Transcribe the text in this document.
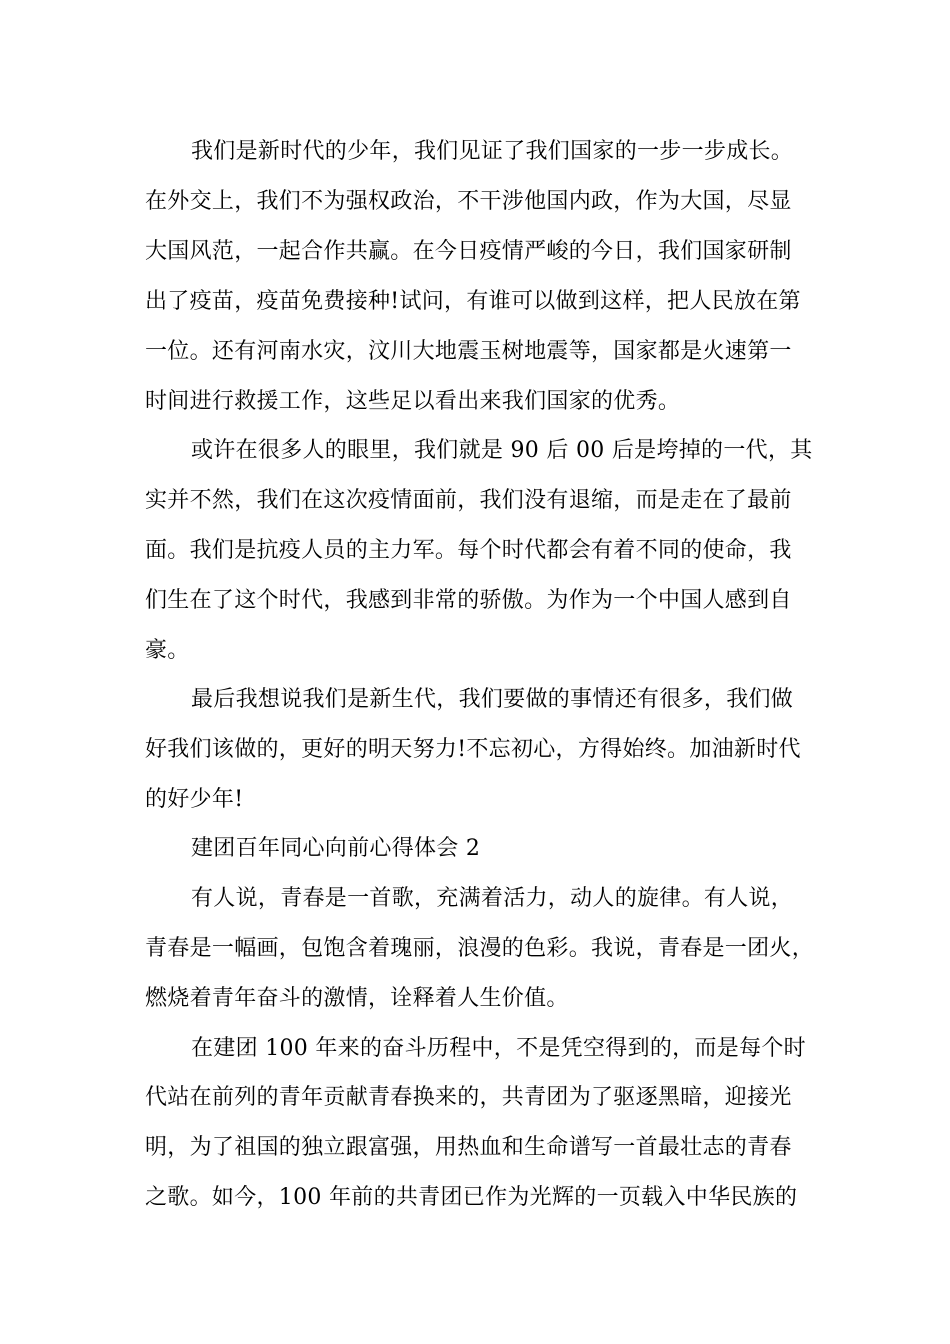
我们是新时代的少年，我们见证了我们国家的一步一步成长。
在外交上，我们不为强权政治，不干涉他国内政，作为大国，尽显
大国风范，一起合作共赢。在今日疫情严峻的今日，我们国家研制
出了疫苗，疫苗免费接种!试问，有谁可以做到这样，把人民放在第
一位。还有河南水灾，汶川大地震玉树地震等，国家都是火速第一
时间进行救援工作，这些足以看出来我们国家的优秀。
或许在很多人的眼里，我们就是 90 后 00 后是垮掉的一代，其
实并不然，我们在这次疫情面前，我们没有退缩，而是走在了最前
面。我们是抗疫人员的主力军。每个时代都会有着不同的使命，我
们生在了这个时代，我感到非常的骄傲。为作为一个中国人感到自
豪。
最后我想说我们是新生代，我们要做的事情还有很多，我们做
好我们该做的，更好的明天努力!不忘初心，方得始终。加油新时代
的好少年!
建团百年同心向前心得体会 2
有人说，青春是一首歌，充满着活力，动人的旋律。有人说，
青春是一幅画，包饱含着瑰丽，浪漫的色彩。我说，青春是一团火，
燃烧着青年奋斗的激情，诠释着人生价值。
在建团 100 年来的奋斗历程中，不是凭空得到的，而是每个时
代站在前列的青年贡献青春换来的，共青团为了驱逐黑暗，迎接光
明，为了祖国的独立跟富强，用热血和生命谱写一首最壮志的青春
之歌。如今，100 年前的共青团已作为光辉的一页载入中华民族的
